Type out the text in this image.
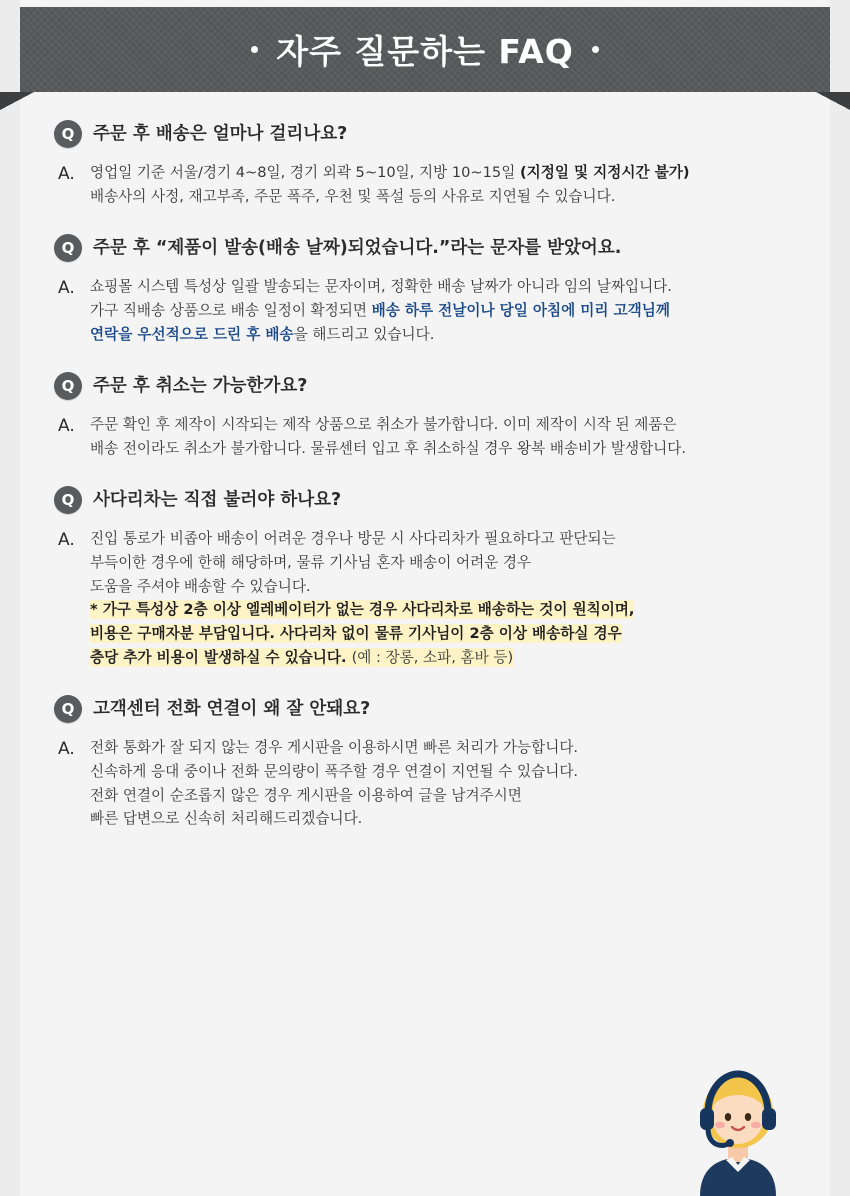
자주 질문하는 FAQ
Q	주문 후 배송은 얼마나 걸리나요?
A.	영업일 기준 서울/경기 4~8일, 경기 외곽 5~10일, 지방 10~15일 (지정일 및 지정시간 불가)
배송사의 사정, 재고부족, 주문 폭주, 우천 및 폭설 등의 사유로 지연될 수 있습니다.
Q	주문 후 “제품이 발송(배송 날짜)되었습니다.”라는 문자를 받았어요.
A.	쇼핑몰 시스템 특성상 일괄 발송되는 문자이며, 정확한 배송 날짜가 아니라 임의 날짜입니다.
가구 직배송 상품으로 배송 일정이 확정되면 배송 하루 전날이나 당일 아침에 미리 고객님께
연락을 우선적으로 드린 후 배송을 해드리고 있습니다.
Q	주문 후 취소는 가능한가요?
A.	주문 확인 후 제작이 시작되는 제작 상품으로 취소가 불가합니다. 이미 제작이 시작 된 제품은
배송 전이라도 취소가 불가합니다. 물류센터 입고 후 취소하실 경우 왕복 배송비가 발생합니다.
Q	사다리차는 직접 불러야 하나요?
A.	진입 통로가 비좁아 배송이 어려운 경우나 방문 시 사다리차가 필요하다고 판단되는
부득이한 경우에 한해 해당하며, 물류 기사님 혼자 배송이 어려운 경우
도움을 주셔야 배송할 수 있습니다.
* 가구 특성상 2층 이상 엘레베이터가 없는 경우 사다리차로 배송하는 것이 원칙이며,
비용은 구매자분 부담입니다. 사다리차 없이 물류 기사님이 2층 이상 배송하실 경우
층당 추가 비용이 발생하실 수 있습니다. (예 : 장롱, 소파, 홈바 등)
Q	고객센터 전화 연결이 왜 잘 안돼요?
A.	전화 통화가 잘 되지 않는 경우 게시판을 이용하시면 빠른 처리가 가능합니다.
신속하게 응대 중이나 전화 문의량이 폭주할 경우 연결이 지연될 수 있습니다.
전화 연결이 순조롭지 않은 경우 게시판을 이용하여 글을 남겨주시면
빠른 답변으로 신속히 처리해드리겠습니다.
